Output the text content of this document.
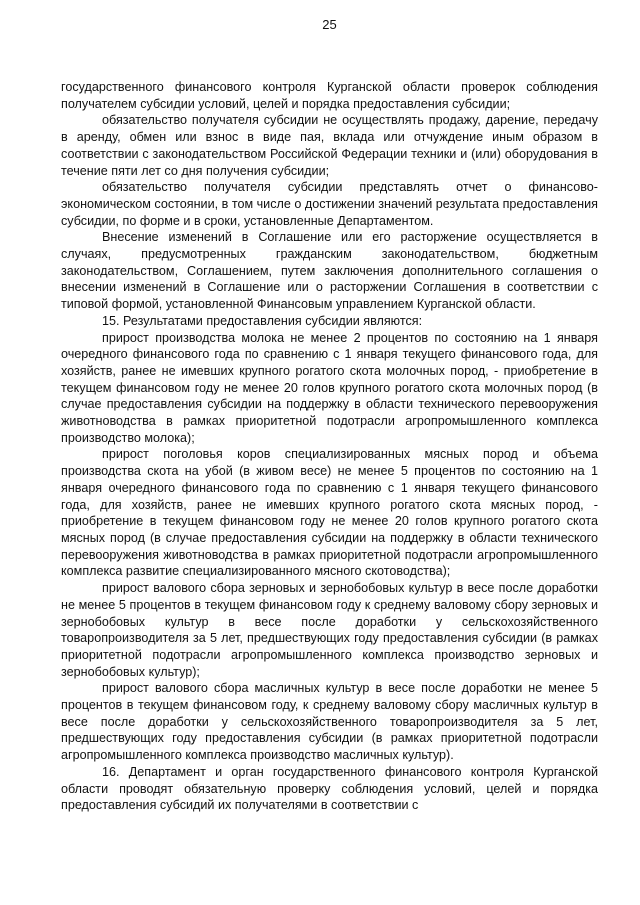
25

государственного финансового контроля Курганской области проверок соблюдения получателем субсидии условий, целей и порядка предоставления субсидии;

обязательство получателя субсидии не осуществлять продажу, дарение, передачу в аренду, обмен или взнос в виде пая, вклада или отчуждение иным образом в соответствии с законодательством Российской Федерации техники и (или) оборудования в течение пяти лет со дня получения субсидии;

обязательство получателя субсидии представлять отчет о финансово-экономическом состоянии, в том числе о достижении значений результата предоставления субсидии, по форме и в сроки, установленные Департаментом.

Внесение изменений в Соглашение или его расторжение осуществляется в случаях, предусмотренных гражданским законодательством, бюджетным законодательством, Соглашением, путем заключения дополнительного соглашения о внесении изменений в Соглашение или о расторжении Соглашения в соответствии с типовой формой, установленной Финансовым управлением Курганской области.

15. Результатами предоставления субсидии являются:

прирост производства молока не менее 2 процентов по состоянию на 1 января очередного финансового года по сравнению с 1 января текущего финансового года, для хозяйств, ранее не имевших крупного рогатого скота молочных пород, - приобретение в текущем финансовом году не менее 20 голов крупного рогатого скота молочных пород (в случае предоставления субсидии на поддержку в области технического перевооружения животноводства в рамках приоритетной подотрасли агропромышленного комплекса производство молока);

прирост поголовья коров специализированных мясных пород и объема производства скота на убой (в живом весе) не менее 5 процентов по состоянию на 1 января очередного финансового года по сравнению с 1 января текущего финансового года, для хозяйств, ранее не имевших крупного рогатого скота мясных пород, - приобретение в текущем финансовом году не менее 20 голов крупного рогатого скота мясных пород (в случае предоставления субсидии на поддержку в области технического перевооружения животноводства в рамках приоритетной подотрасли агропромышленного комплекса развитие специализированного мясного скотоводства);

прирост валового сбора зерновых и зернобобовых культур в весе после доработки не менее 5 процентов в текущем финансовом году к среднему валовому сбору зерновых и зернобобовых культур в весе после доработки у сельскохозяйственного товаропроизводителя за 5 лет, предшествующих году предоставления субсидии (в рамках приоритетной подотрасли агропромышленного комплекса производство зерновых и зернобобовых культур);

прирост валового сбора масличных культур в весе после доработки не менее 5 процентов в текущем финансовом году, к среднему валовому сбору масличных культур в весе после доработки у сельскохозяйственного товаропроизводителя за 5 лет, предшествующих году предоставления субсидии (в рамках приоритетной подотрасли агропромышленного комплекса производство масличных культур).

16. Департамент и орган государственного финансового контроля Курганской области проводят обязательную проверку соблюдения условий, целей и порядка предоставления субсидий их получателями в соответствии с
